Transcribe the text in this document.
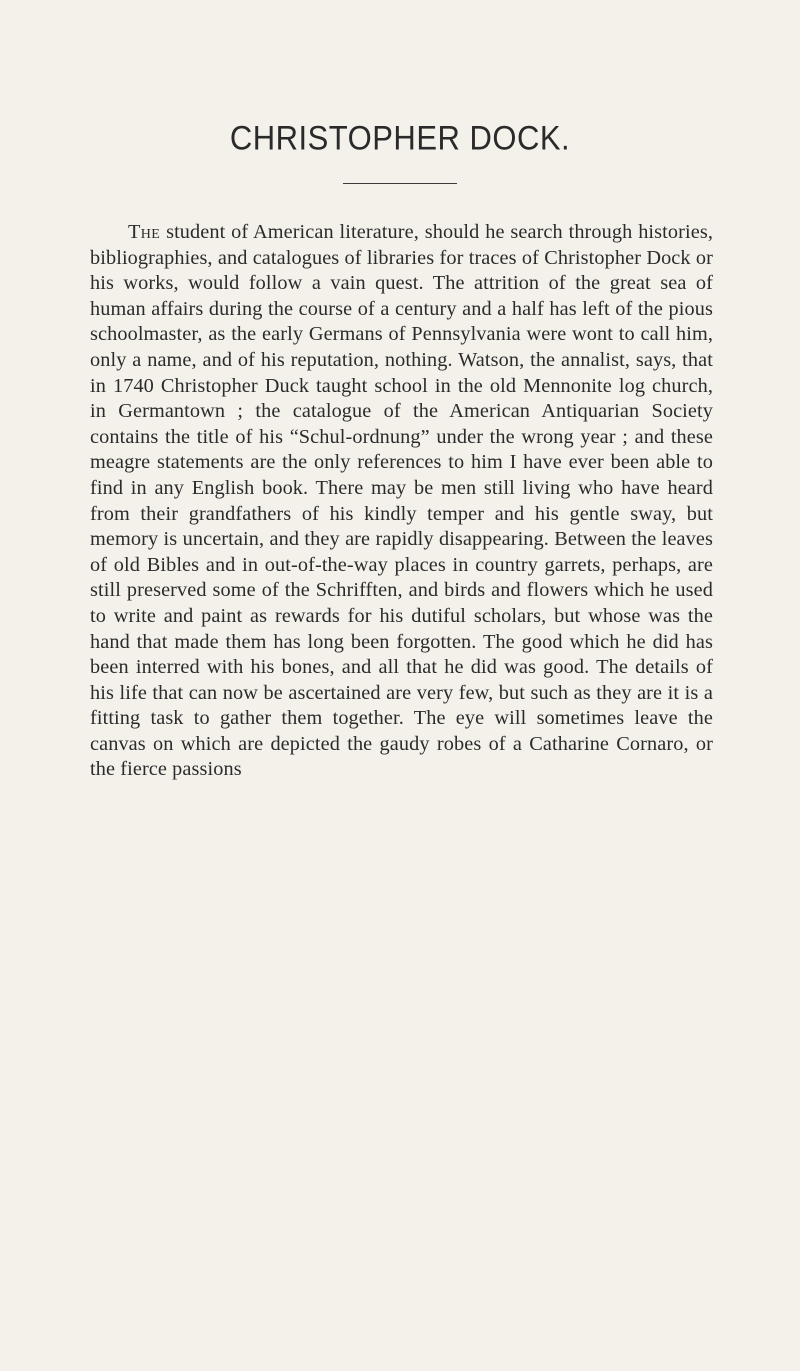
CHRISTOPHER DOCK.

The student of American literature, should he search through histories, bibliographies, and catalogues of libraries for traces of Christopher Dock or his works, would follow a vain quest. The attrition of the great sea of human affairs during the course of a century and a half has left of the pious schoolmaster, as the early Germans of Pennsylvania were wont to call him, only a name, and of his reputation, nothing. Watson, the annalist, says, that in 1740 Christopher Duck taught school in the old Mennonite log church, in Germantown ; the catalogue of the American Antiquarian Society contains the title of his “Schul-ordnung” under the wrong year ; and these meagre statements are the only references to him I have ever been able to find in any English book. There may be men still living who have heard from their grandfathers of his kindly temper and his gentle sway, but memory is uncertain, and they are rapidly disappearing. Between the leaves of old Bibles and in out-of-the-way places in country garrets, perhaps, are still preserved some of the Schrifften, and birds and flowers which he used to write and paint as rewards for his dutiful scholars, but whose was the hand that made them has long been forgotten. The good which he did has been interred with his bones, and all that he did was good. The details of his life that can now be ascertained are very few, but such as they are it is a fitting task to gather them together. The eye will sometimes leave the canvas on which are depicted the gaudy robes of a Catharine Cornaro, or the fierce passions
